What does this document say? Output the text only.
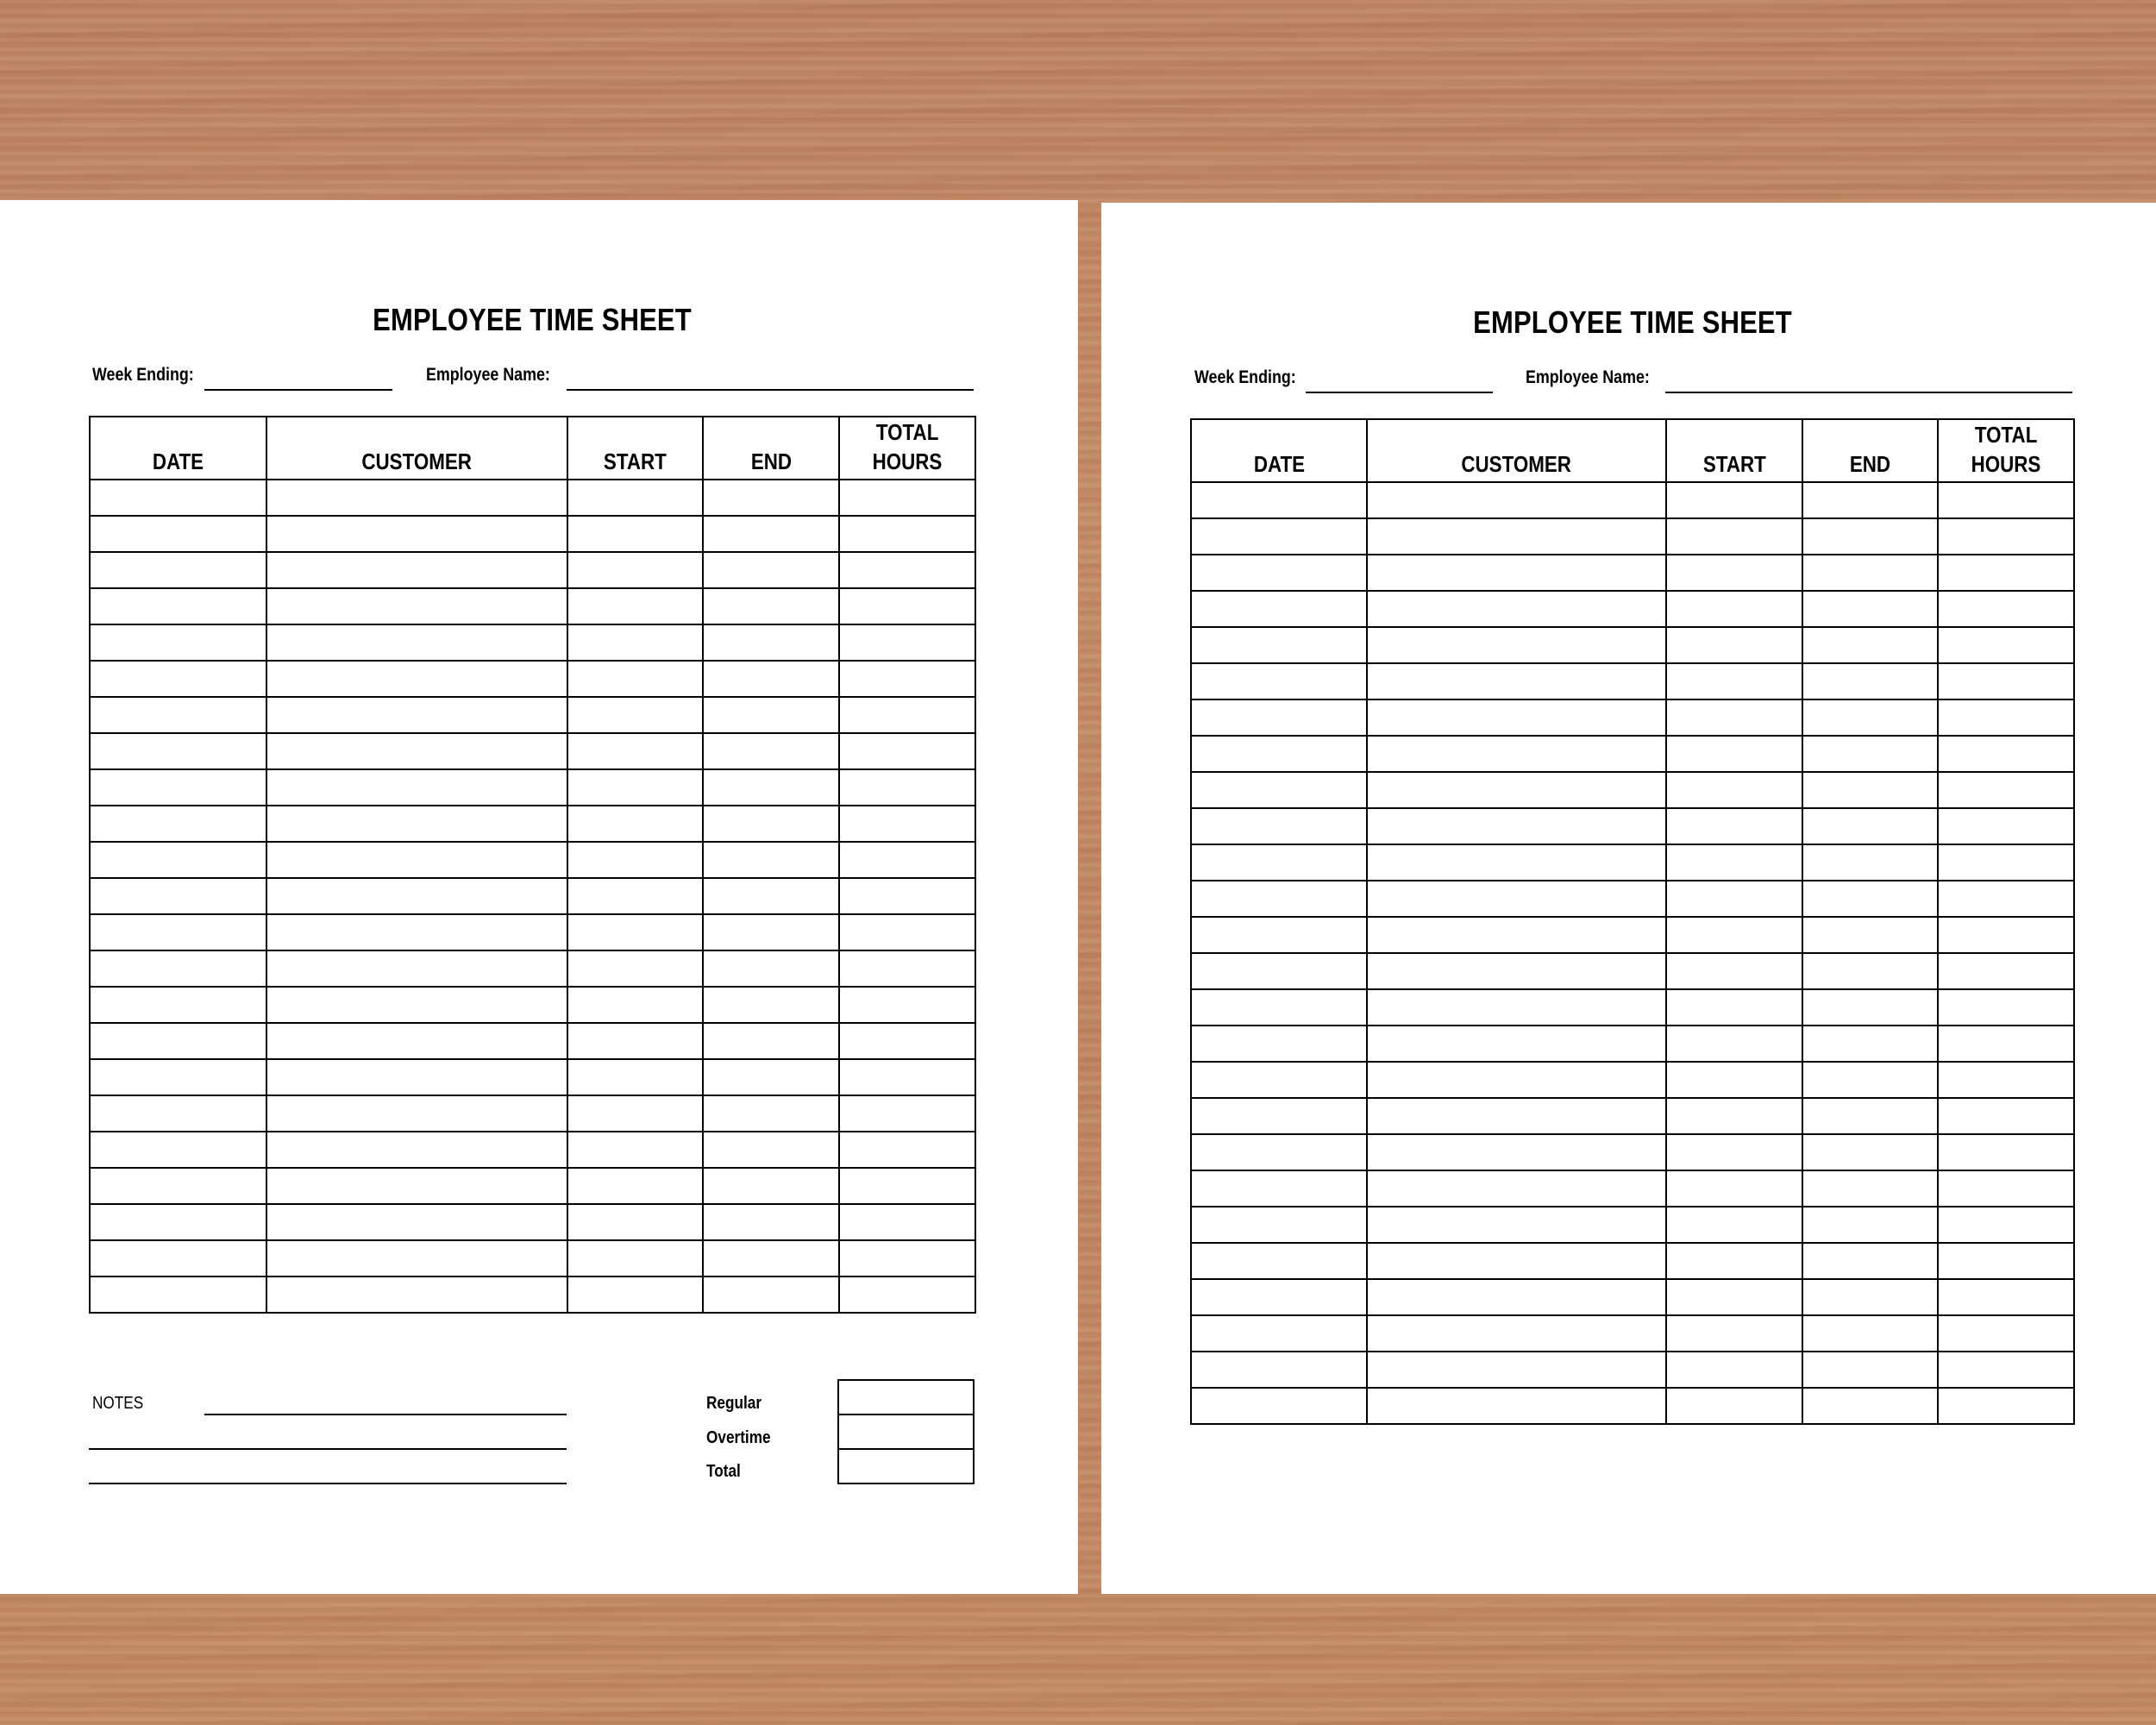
EMPLOYEE TIME SHEET
Week Ending:	Employee Name:
DATE	CUSTOMER	START	END	TOTAL
HOURS

NOTES	Regular
Overtime
Total
EMPLOYEE TIME SHEET
Week Ending:	Employee Name:
DATE	CUSTOMER	START	END	TOTAL
HOURS
